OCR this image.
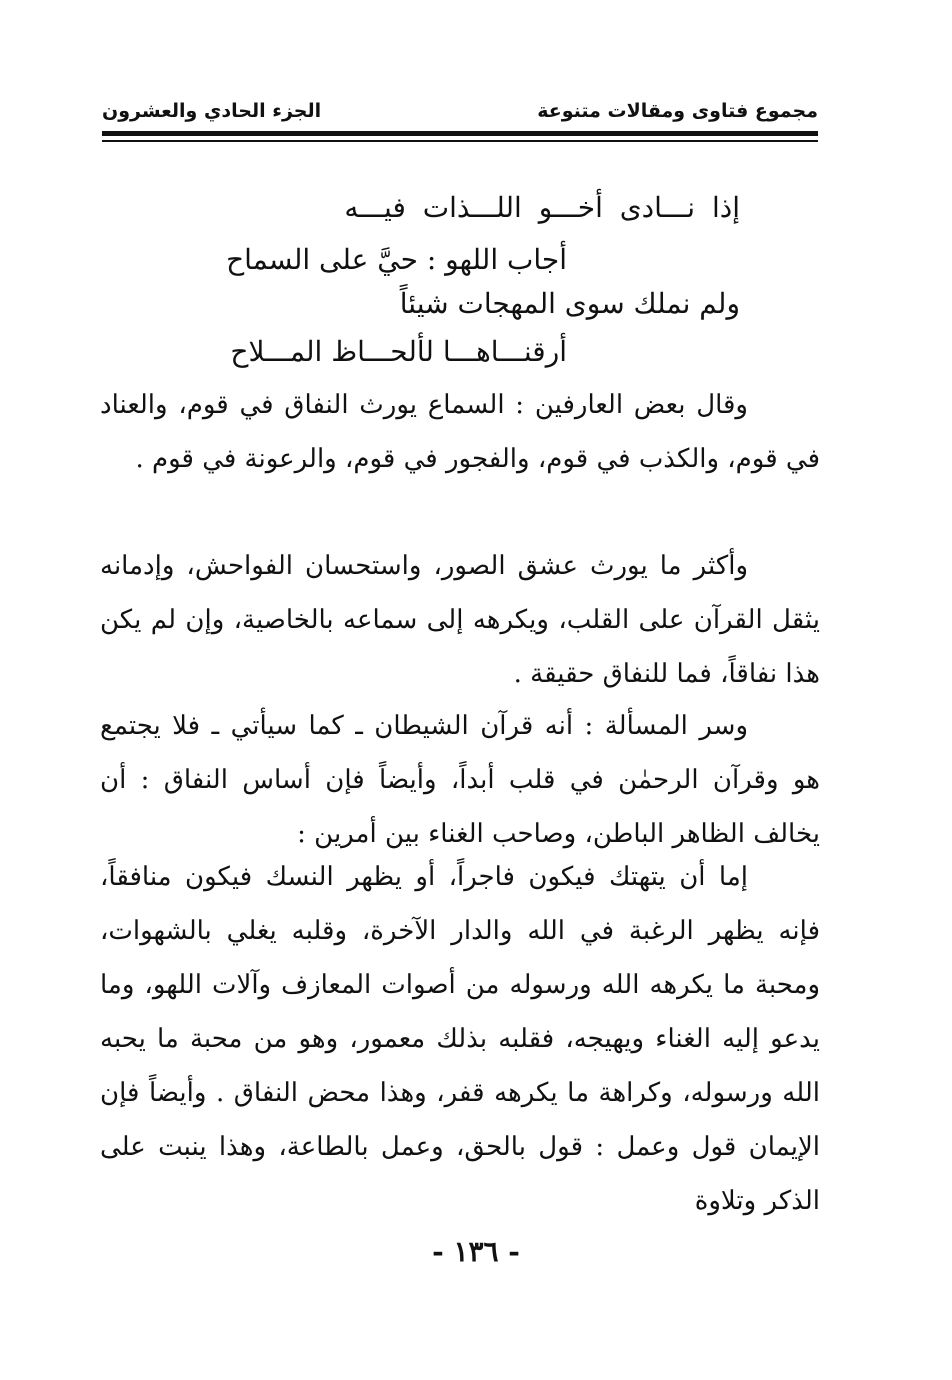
مجموع فتاوى ومقالات متنوعة
الجزء الحادي والعشرون
إذا نـــادى أخـــو اللـــذات فيـــه
أجاب اللهو : حيَّ على السماح
ولم نملك سوى المهجات شيئاً
أرقنـــاهـــا لألحـــاظ المـــلاح

وقال بعض العارفين : السماع يورث النفاق في قوم، والعناد في قوم، والكذب في قوم، والفجور في قوم، والرعونة في قوم .

وأكثر ما يورث عشق الصور، واستحسان الفواحش، وإدمانه يثقل القرآن على القلب، ويكرهه إلى سماعه بالخاصية، وإن لم يكن هذا نفاقاً، فما للنفاق حقيقة .

وسر المسألة : أنه قرآن الشيطان ـ كما سيأتي ـ فلا يجتمع هو وقرآن الرحمٰن في قلب أبداً، وأيضاً فإن أساس النفاق : أن يخالف الظاهر الباطن، وصاحب الغناء بين أمرين :

إما أن يتهتك فيكون فاجراً، أو يظهر النسك فيكون منافقاً، فإنه يظهر الرغبة في الله والدار الآخرة، وقلبه يغلي بالشهوات، ومحبة ما يكرهه الله ورسوله من أصوات المعازف وآلات اللهو، وما يدعو إليه الغناء ويهيجه، فقلبه بذلك معمور، وهو من محبة ما يحبه الله ورسوله، وكراهة ما يكرهه قفر، وهذا محض النفاق . وأيضاً فإن الإيمان قول وعمل : قول بالحق، وعمل بالطاعة، وهذا ينبت على الذكر وتلاوة

- ١٣٦ -
